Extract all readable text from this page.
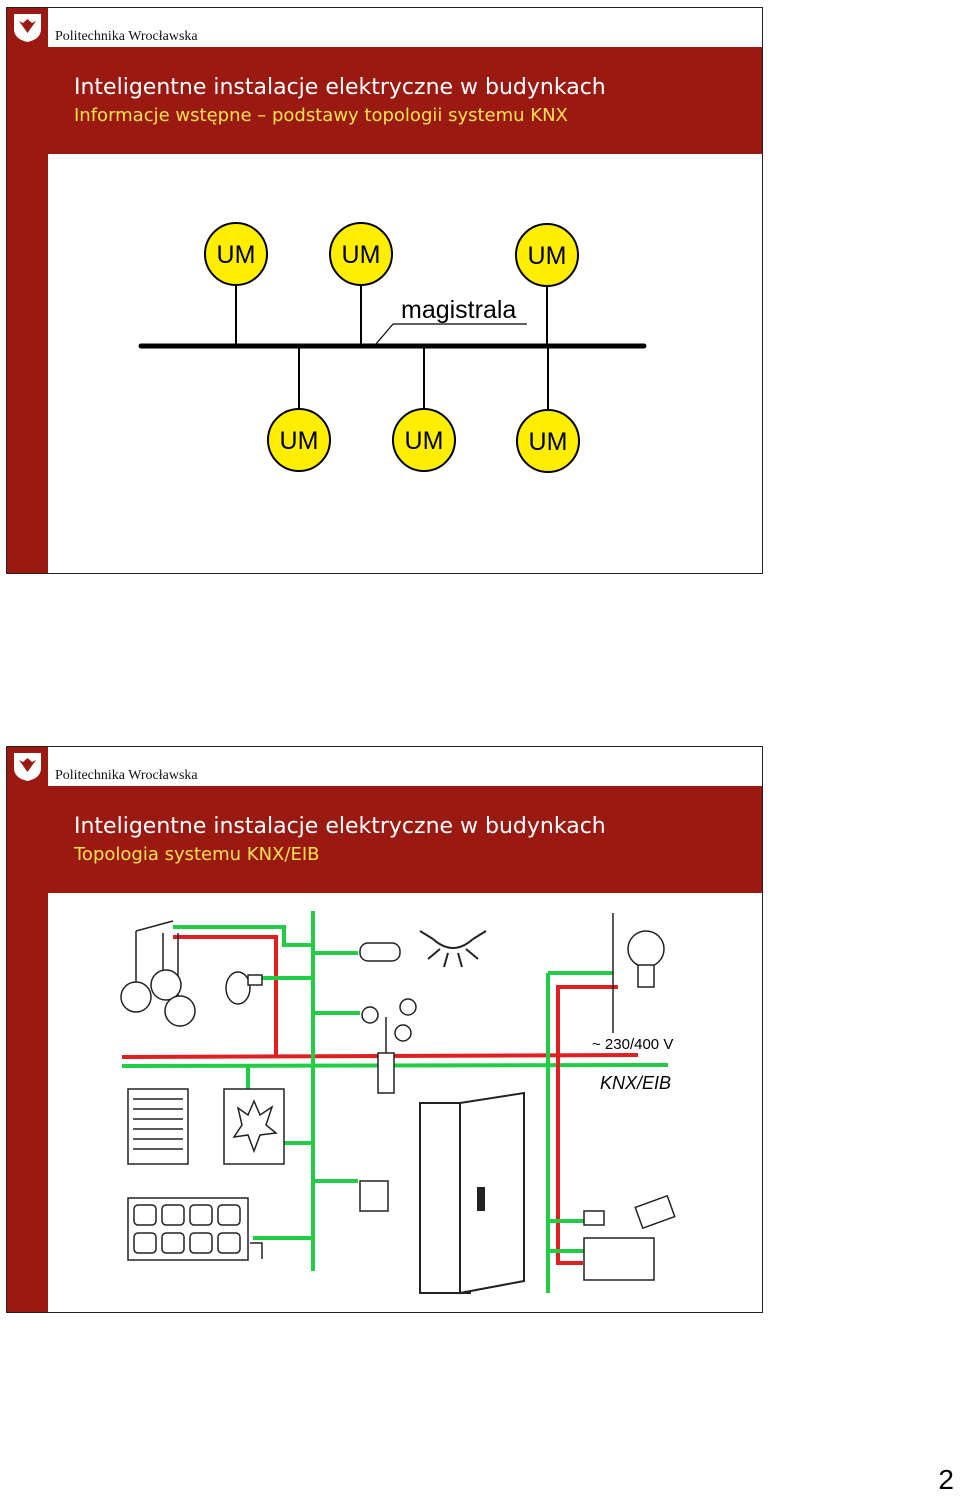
Politechnika Wrocławska
Inteligentne instalacje elektryczne w budynkach
Informacje wstępne – podstawy topologii systemu KNX
magistrala
UM	UM	UM
UM	UM	UM
Politechnika Wrocławska
Inteligentne instalacje elektryczne w budynkach
Topologia systemu KNX/EIB
~ 230/400 V
KNX/EIB
2
